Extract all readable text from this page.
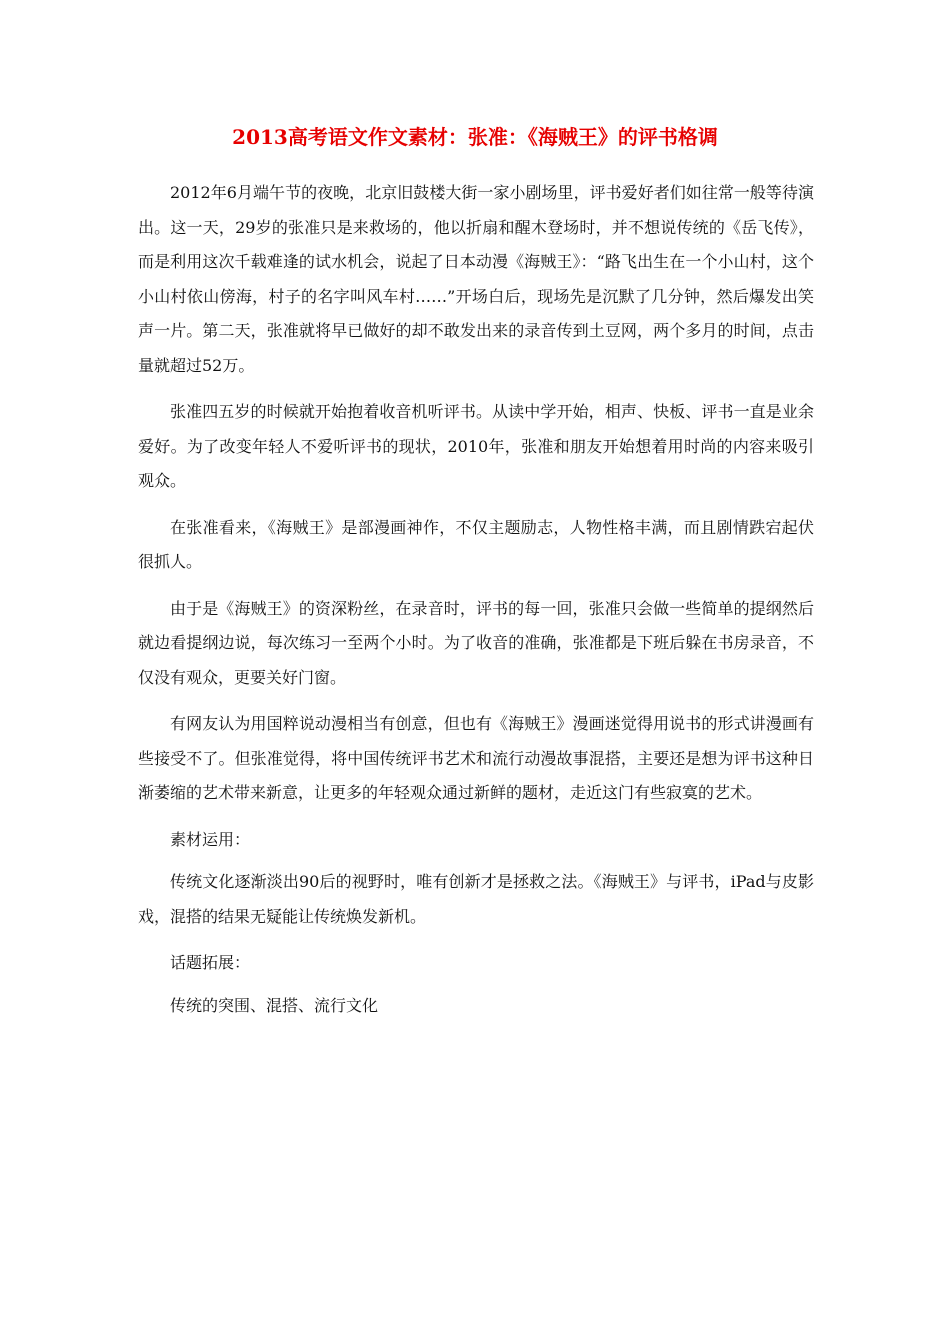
2013高考语文作文素材：张准：《海贼王》的评书格调

2012年6月端午节的夜晚，北京旧鼓楼大街一家小剧场里，评书爱好者们如往常一般等待演出。这一天，29岁的张准只是来救场的，他以折扇和醒木登场时，并不想说传统的《岳飞传》，而是利用这次千载难逢的试水机会，说起了日本动漫《海贼王》：“路飞出生在一个小山村，这个小山村依山傍海，村子的名字叫风车村……”开场白后，现场先是沉默了几分钟，然后爆发出笑声一片。第二天，张准就将早已做好的却不敢发出来的录音传到土豆网，两个多月的时间，点击量就超过52万。

张准四五岁的时候就开始抱着收音机听评书。从读中学开始，相声、快板、评书一直是业余爱好。为了改变年轻人不爱听评书的现状，2010年，张准和朋友开始想着用时尚的内容来吸引观众。

在张准看来，《海贼王》是部漫画神作，不仅主题励志，人物性格丰满，而且剧情跌宕起伏很抓人。

由于是《海贼王》的资深粉丝，在录音时，评书的每一回，张准只会做一些简单的提纲然后就边看提纲边说，每次练习一至两个小时。为了收音的准确，张准都是下班后躲在书房录音，不仅没有观众，更要关好门窗。

有网友认为用国粹说动漫相当有创意，但也有《海贼王》漫画迷觉得用说书的形式讲漫画有些接受不了。但张准觉得，将中国传统评书艺术和流行动漫故事混搭，主要还是想为评书这种日渐萎缩的艺术带来新意，让更多的年轻观众通过新鲜的题材，走近这门有些寂寞的艺术。

素材运用：

传统文化逐渐淡出90后的视野时，唯有创新才是拯救之法。《海贼王》与评书，iPad与皮影戏，混搭的结果无疑能让传统焕发新机。

话题拓展：

传统的突围、混搭、流行文化
